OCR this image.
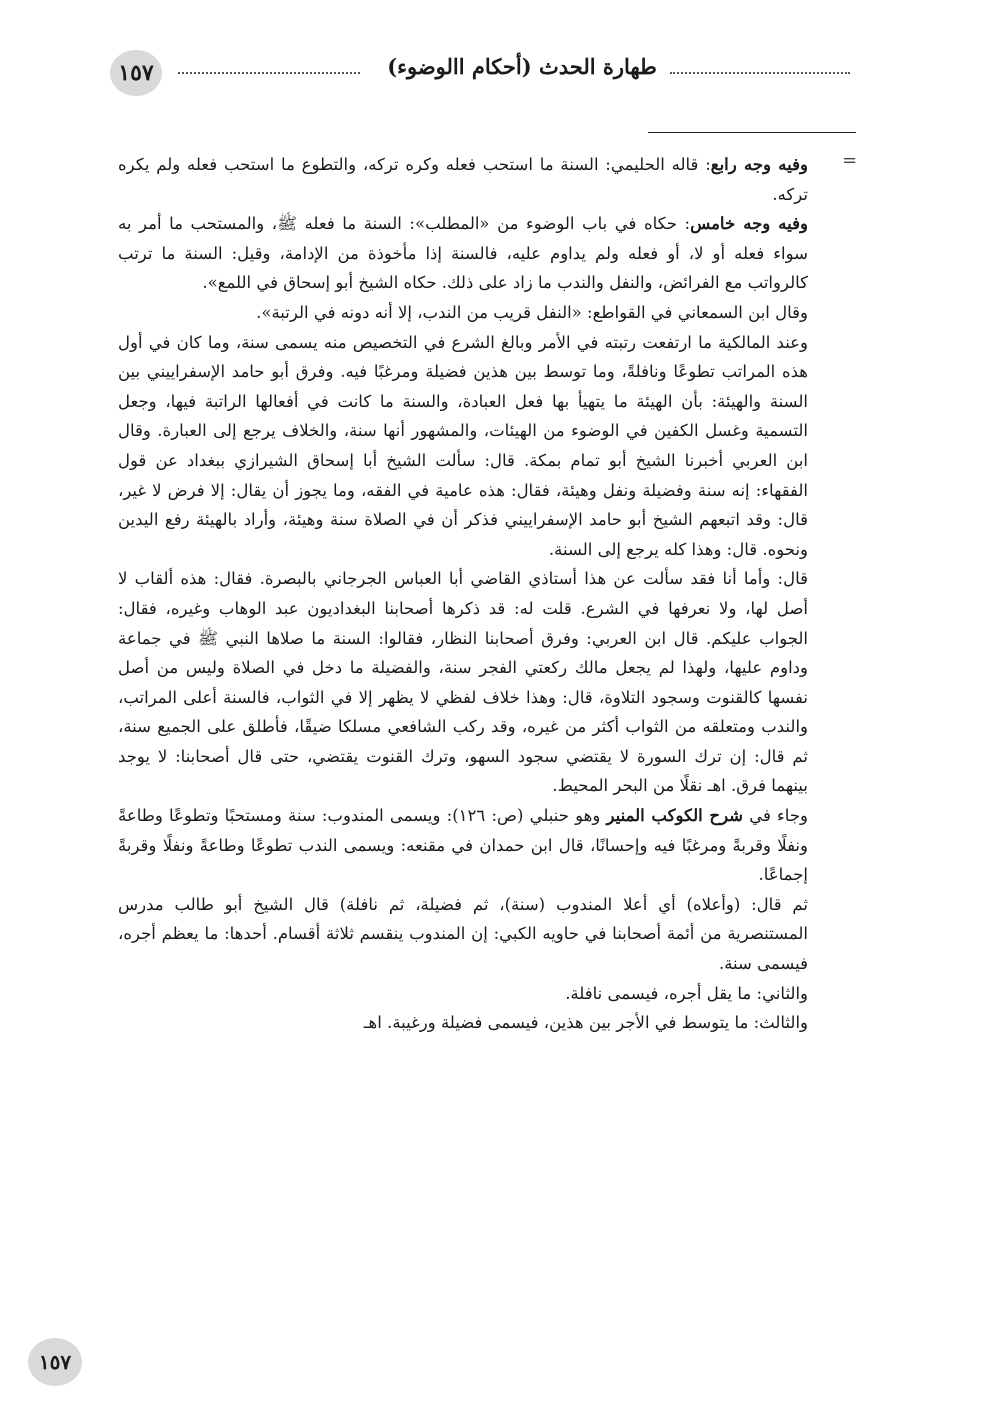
١٥٧	طهارة الحدث (أحكام االوضوء)
=

وفيه وجه رابع: قاله الحليمي: السنة ما استحب فعله وكره تركه، والتطوع ما استحب فعله ولم يكره تركه.

وفيه وجه خامس: حكاه في باب الوضوء من «المطلب»: السنة ما فعله ﷺ، والمستحب ما أمر به سواء فعله أو لا، أو فعله ولم يداوم عليه، فالسنة إذا مأخوذة من الإدامة، وقيل: السنة ما ترتب كالرواتب مع الفرائض، والنفل والندب ما زاد على ذلك. حكاه الشيخ أبو إسحاق في اللمع».

وقال ابن السمعاني في القواطع: «النفل قريب من الندب، إلا أنه دونه في الرتبة».

وعند المالكية ما ارتفعت رتبته في الأمر وبالغ الشرع في التخصيص منه يسمى سنة، وما كان في أول هذه المراتب تطوعًا ونافلةً، وما توسط بين هذين فضيلة ومرغبًا فيه. وفرق أبو حامد الإسفراييني بين السنة والهيئة: بأن الهيئة ما يتهيأ بها فعل العبادة، والسنة ما كانت في أفعالها الراتبة فيها، وجعل التسمية وغسل الكفين في الوضوء من الهيئات، والمشهور أنها سنة، والخلاف يرجع إلى العبارة. وقال ابن العربي أخبرنا الشيخ أبو تمام بمكة. قال: سألت الشيخ أبا إسحاق الشيرازي ببغداد عن قول الفقهاء: إنه سنة وفضيلة ونفل وهيئة، فقال: هذه عامية في الفقه، وما يجوز أن يقال: إلا فرض لا غير، قال: وقد اتبعهم الشيخ أبو حامد الإسفراييني فذكر أن في الصلاة سنة وهيئة، وأراد بالهيئة رفع اليدين ونحوه. قال: وهذا كله يرجع إلى السنة.

قال: وأما أنا فقد سألت عن هذا أستاذي القاضي أبا العباس الجرجاني بالبصرة. فقال: هذه ألقاب لا أصل لها، ولا نعرفها في الشرع. قلت له: قد ذكرها أصحابنا البغداديون عبد الوهاب وغيره، فقال: الجواب عليكم. قال ابن العربي: وفرق أصحابنا النظار، فقالوا: السنة ما صلاها النبي ﷺ في جماعة وداوم عليها، ولهذا لم يجعل مالك ركعتي الفجر سنة، والفضيلة ما دخل في الصلاة وليس من أصل نفسها كالقنوت وسجود التلاوة، قال: وهذا خلاف لفظي لا يظهر إلا في الثواب، فالسنة أعلى المراتب، والندب ومتعلقه من الثواب أكثر من غيره، وقد ركب الشافعي مسلكا ضيقًا، فأطلق على الجميع سنة، ثم قال: إن ترك السورة لا يقتضي سجود السهو، وترك القنوت يقتضي، حتى قال أصحابنا: لا يوجد بينهما فرق. اهـ نقلًا من البحر المحيط.

وجاء في شرح الكوكب المنير وهو حنبلي (ص: ١٢٦): ويسمى المندوب: سنة ومستحبًا وتطوعًا وطاعةً ونفلًا وقربةً ومرغبًا فيه وإحسانًا، قال ابن حمدان في مقنعه: ويسمى الندب تطوعًا وطاعةً ونفلًا وقربةً إجماعًا.

ثم قال: (وأعلاه) أي أعلا المندوب (سنة)، ثم فضيلة، ثم نافلة) قال الشيخ أبو طالب مدرس المستنصرية من أئمة أصحابنا في حاويه الكبي: إن المندوب ينقسم ثلاثة أقسام. أحدها: ما يعظم أجره، فيسمى سنة.

والثاني: ما يقل أجره، فيسمى نافلة.

والثالث: ما يتوسط في الأجر بين هذين، فيسمى فضيلة ورغيبة. اهـ

١٥٧
